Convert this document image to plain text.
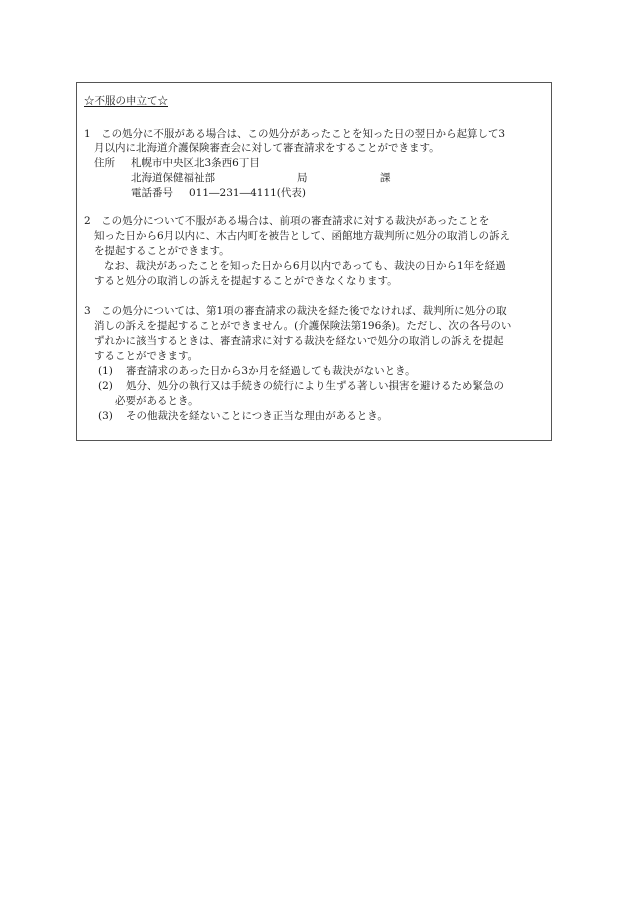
☆不服の申立て☆
1　この処分に不服がある場合は、この処分があったことを知った日の翌日から起算して3
月以内に北海道介護保険審査会に対して審査請求をすることができます。
住所 札幌市中央区北3条西6丁目
北海道保健福祉部	局	課
電話番号 011―231―4111(代表)
2　この処分について不服がある場合は、前項の審査請求に対する裁決があったことを
知った日から6月以内に、木古内町を被告として、函館地方裁判所に処分の取消しの訴え
を提起することができます。
なお、裁決があったことを知った日から6月以内であっても、裁決の日から1年を経過
すると処分の取消しの訴えを提起することができなくなります。
3　この処分については、第1項の審査請求の裁決を経た後でなければ、裁判所に処分の取
消しの訴えを提起することができません。(介護保険法第196条)。ただし、次の各号のい
ずれかに該当するときは、審査請求に対する裁決を経ないで処分の取消しの訴えを提起
することができます。
(1) 審査請求のあった日から3か月を経過しても裁決がないとき。
(2) 処分、処分の執行又は手続きの続行により生ずる著しい損害を避けるため緊急の
必要があるとき。
(3) その他裁決を経ないことにつき正当な理由があるとき。
